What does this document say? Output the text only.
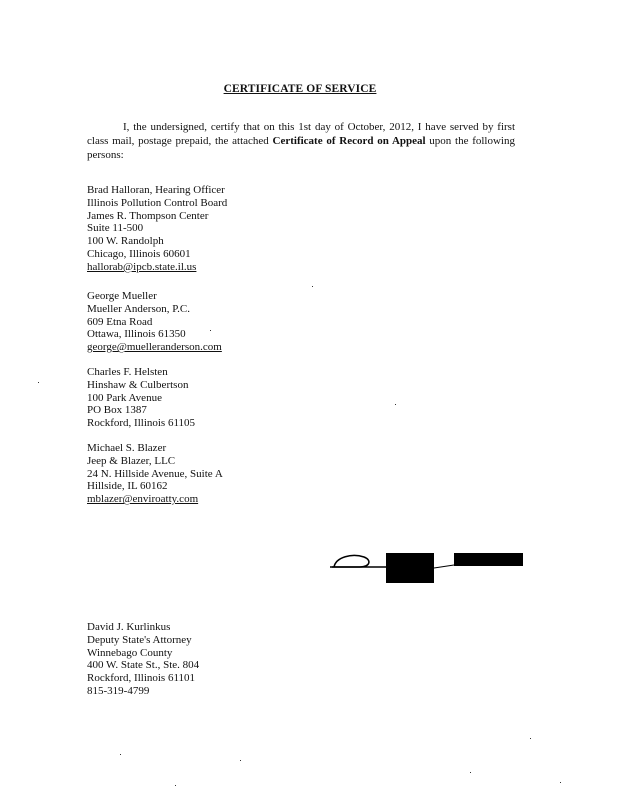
CERTIFICATE OF SERVICE

I, the undersigned, certify that on this 1st day of October, 2012, I have served by first class mail, postage prepaid, the attached Certificate of Record on Appeal upon the following persons:

Brad Halloran, Hearing Officer
Illinois Pollution Control Board
James R. Thompson Center
Suite 11-500
100 W. Randolph
Chicago, Illinois 60601
hallorab@ipcb.state.il.us
George Mueller
Mueller Anderson, P.C.
609 Etna Road
Ottawa, Illinois 61350
george@muelleranderson.com
Charles F. Helsten
Hinshaw & Culbertson
100 Park Avenue
PO Box 1387
Rockford, Illinois 61105
Michael S. Blazer
Jeep & Blazer, LLC
24 N. Hillside Avenue, Suite A
Hillside, IL 60162
mblazer@enviroatty.com
David J. Kurlinkus
Deputy State's Attorney
Winnebago County
400 W. State St., Ste. 804
Rockford, Illinois 61101
815-319-4799
